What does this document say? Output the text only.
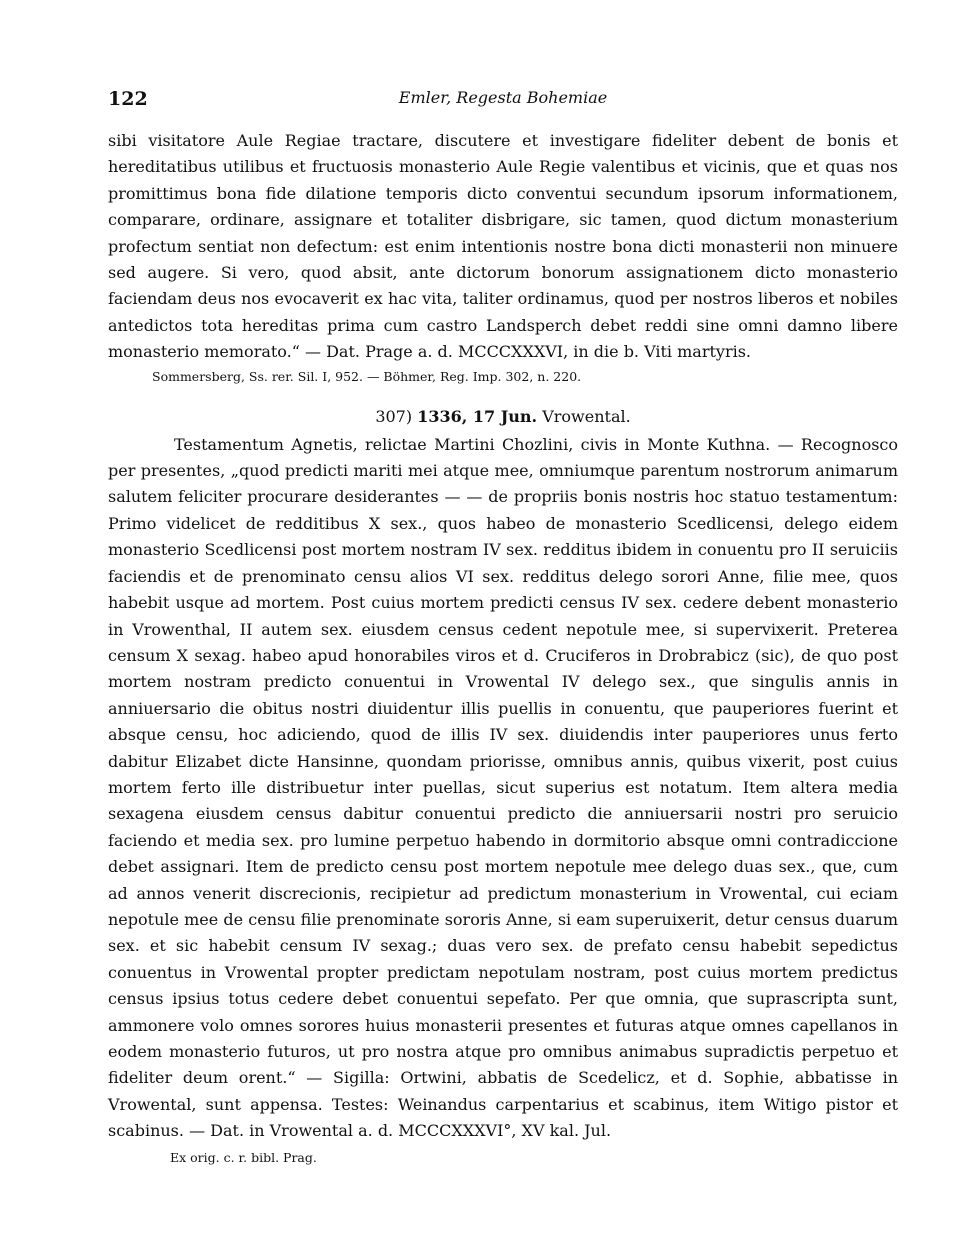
122	Emler, Regesta Bohemiae

sibi visitatore Aule Regiae tractare, discutere et investigare fideliter debent de bonis et hereditatibus utilibus et fructuosis monasterio Aule Regie valentibus et vicinis, que et quas nos promittimus bona fide dilatione temporis dicto conventui secundum ipsorum informationem, comparare, ordinare, assignare et totaliter disbrigare, sic tamen, quod dictum monasterium profectum sentiat non defectum: est enim intentionis nostre bona dicti monasterii non minuere sed augere. Si vero, quod absit, ante dictorum bonorum assignationem dicto monasterio faciendam deus nos evocaverit ex hac vita, taliter ordinamus, quod per nostros liberos et nobiles antedictos tota hereditas prima cum castro Landsperch debet reddi sine omni damno libere monasterio memorato.“ — Dat. Prage a. d. MCCCXXXVI, in die b. Viti martyris.

Sommersberg, Ss. rer. Sil. I, 952. — Böhmer, Reg. Imp. 302, n. 220.
307) 1336, 17 Jun. Vrowental.

Testamentum Agnetis, relictae Martini Chozlini, civis in Monte Kuthna. — Recognosco per presentes, „quod predicti mariti mei atque mee, omniumque parentum nostrorum animarum salutem feliciter procurare desiderantes — — de propriis bonis nostris hoc statuo testamentum: Primo videlicet de redditibus X sex., quos habeo de monasterio Scedlicensi, delego eidem monasterio Scedlicensi post mortem nostram IV sex. redditus ibidem in conuentu pro II seruiciis faciendis et de prenominato censu alios VI sex. redditus delego sorori Anne, filie mee, quos habebit usque ad mortem. Post cuius mortem predicti census IV sex. cedere debent monasterio in Vrowenthal, II autem sex. eiusdem census cedent nepotule mee, si supervixerit. Preterea censum X sexag. habeo apud honorabiles viros et d. Cruciferos in Drobrabicz (sic), de quo post mortem nostram predicto conuentui in Vrowental IV delego sex., que singulis annis in anniuersario die obitus nostri diuidentur illis puellis in conuentu, que pauperiores fuerint et absque censu, hoc adiciendo, quod de illis IV sex. diuidendis inter pauperiores unus ferto dabitur Elizabet dicte Hansinne, quondam priorisse, omnibus annis, quibus vixerit, post cuius mortem ferto ille distribuetur inter puellas, sicut superius est notatum. Item altera media sexagena eiusdem census dabitur conuentui predicto die anniuersarii nostri pro seruicio faciendo et media sex. pro lumine perpetuo habendo in dormitorio absque omni contradiccione debet assignari. Item de predicto censu post mortem nepotule mee delego duas sex., que, cum ad annos venerit discrecionis, recipietur ad predictum monasterium in Vrowental, cui eciam nepotule mee de censu filie prenominate sororis Anne, si eam superuixerit, detur census duarum sex. et sic habebit censum IV sexag.; duas vero sex. de prefato censu habebit sepedictus conuentus in Vrowental propter predictam nepotulam nostram, post cuius mortem predictus census ipsius totus cedere debet conuentui sepefato. Per que omnia, que suprascripta sunt, ammonere volo omnes sorores huius monasterii presentes et futuras atque omnes capellanos in eodem monasterio futuros, ut pro nostra atque pro omnibus animabus supradictis perpetuo et fideliter deum orent.“ — Sigilla: Ortwini, abbatis de Scedelicz, et d. Sophie, abbatisse in Vrowental, sunt appensa. Testes: Weinandus carpentarius et scabinus, item Witigo pistor et scabinus. — Dat. in Vrowental a. d. MCCCXXXVI°, XV kal. Jul.

Ex orig. c. r. bibl. Prag.
